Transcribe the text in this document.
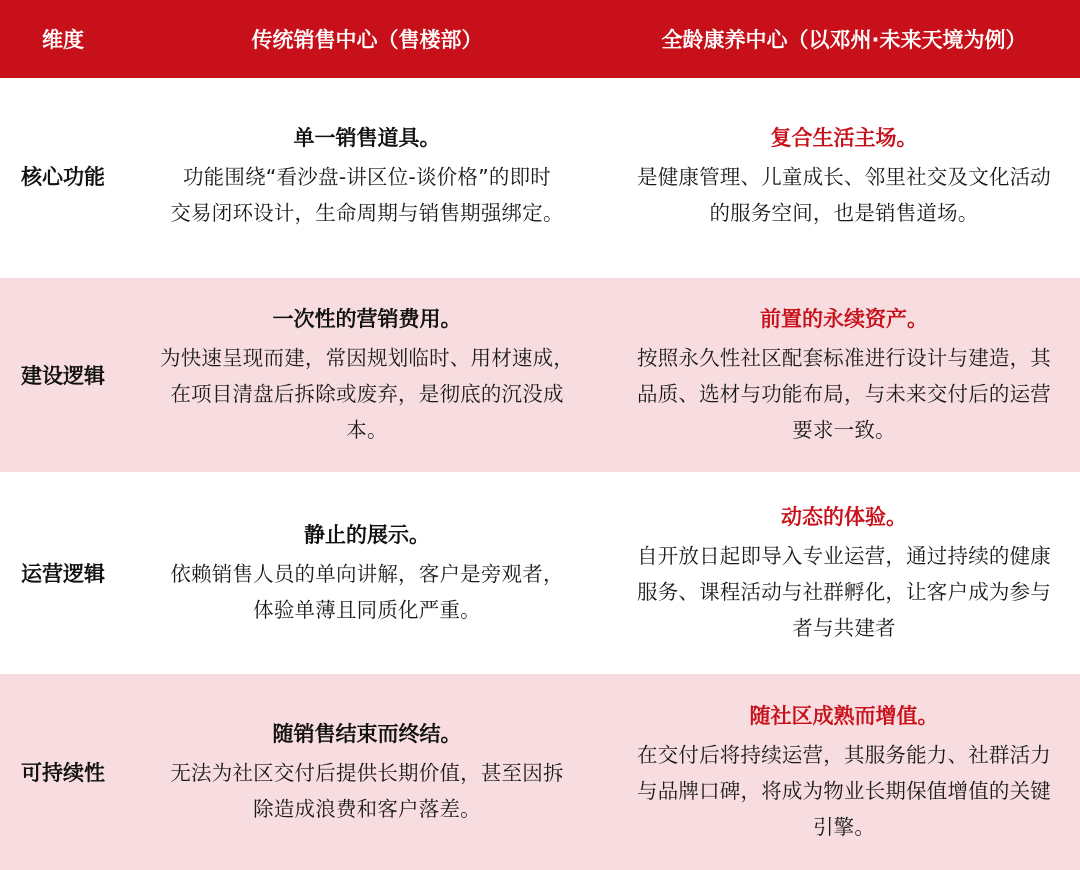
维度	传统销售中心（售楼部）	全龄康养中心（以邓州·未来天境为例）
核心功能
单一销售道具。
功能围绕“看沙盘-讲区位-谈价格”的即时
交易闭环设计，生命周期与销售期强绑定。
复合生活主场。
是健康管理、儿童成长、邻里社交及文化活动
的服务空间，也是销售道场。
建设逻辑
一次性的营销费用。
为快速呈现而建，常因规划临时、用材速成，
在项目清盘后拆除或废弃，是彻底的沉没成
本。
前置的永续资产。
按照永久性社区配套标准进行设计与建造，其
品质、选材与功能布局，与未来交付后的运营
要求一致。
运营逻辑
静止的展示。
依赖销售人员的单向讲解，客户是旁观者，
体验单薄且同质化严重。
动态的体验。
自开放日起即导入专业运营，通过持续的健康
服务、课程活动与社群孵化，让客户成为参与
者与共建者
可持续性
随销售结束而终结。
无法为社区交付后提供长期价值，甚至因拆
除造成浪费和客户落差。
随社区成熟而增值。
在交付后将持续运营，其服务能力、社群活力
与品牌口碑，将成为物业长期保值增值的关键
引擎。
